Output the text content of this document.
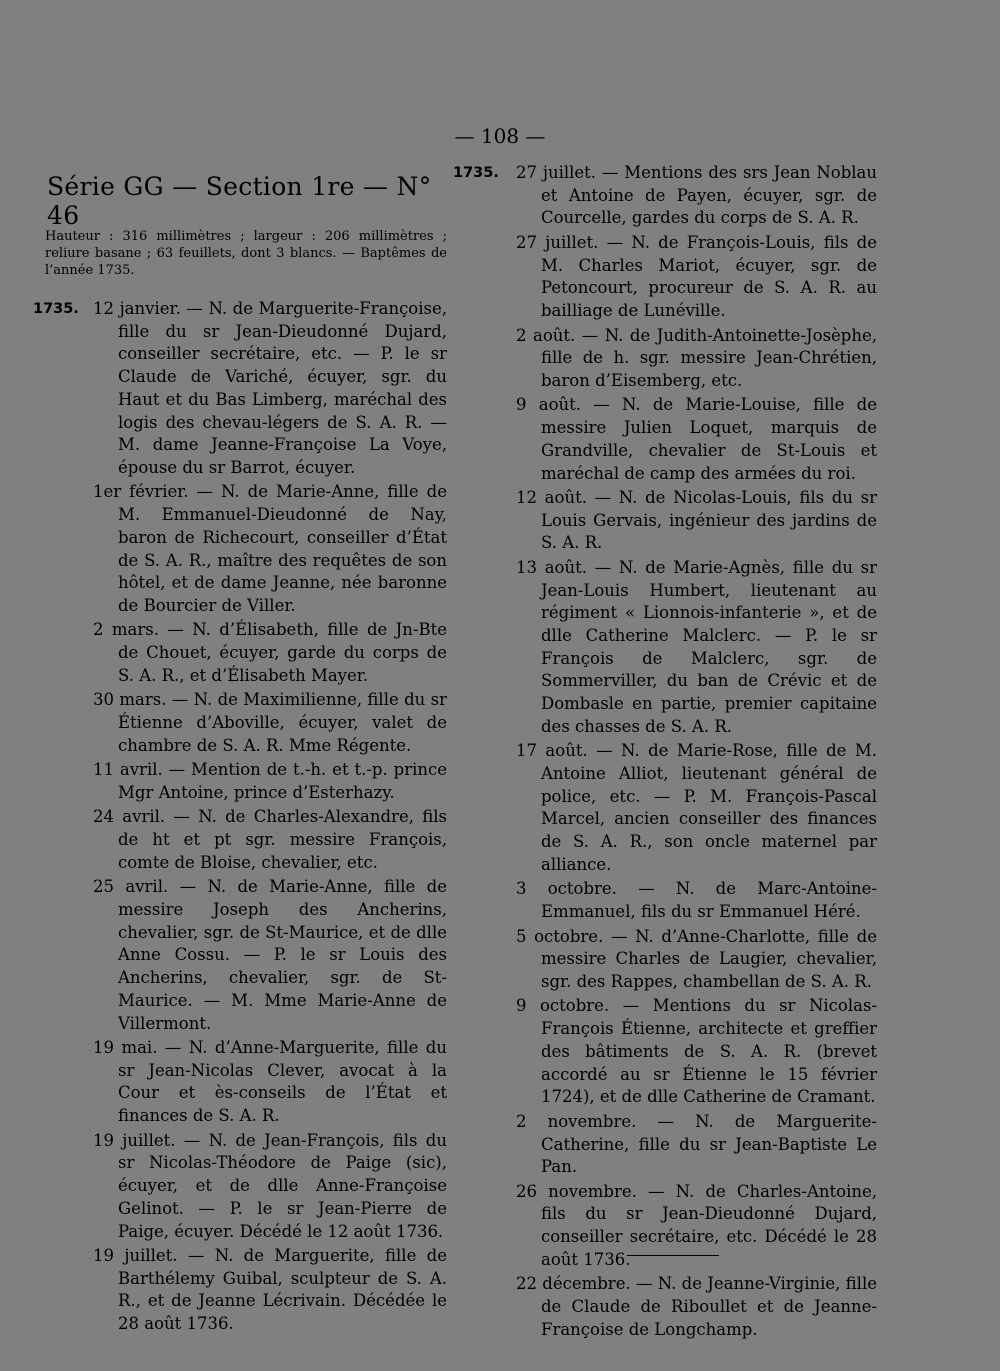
— 108 —
Série GG — Section 1re — N° 46
Hauteur : 316 millimètres ; largeur : 206 millimètres ; reliure basane ; 63 feuillets, dont 3 blancs. — Baptêmes de l’année 1735.
1735. 12 janvier. — N. de Marguerite-Françoise, fille du sr Jean-Dieudonné Dujard, conseiller secrétaire, etc. — P. le sr Claude de Variché, écuyer, sgr. du Haut et du Bas Limberg, maréchal des logis des chevau-légers de S. A. R. — M. dame Jeanne-Françoise La Voye, épouse du sr Barrot, écuyer.
1er février. — N. de Marie-Anne, fille de M. Emmanuel-Dieudonné de Nay, baron de Richecourt, conseiller d’État de S. A. R., maître des requêtes de son hôtel, et de dame Jeanne, née baronne de Bourcier de Viller.
2 mars. — N. d’Élisabeth, fille de Jn-Bte de Chouet, écuyer, garde du corps de S. A. R., et d’Élisabeth Mayer.
30 mars. — N. de Maximilienne, fille du sr Étienne d’Aboville, écuyer, valet de chambre de S. A. R. Mme Régente.
11 avril. — Mention de t.-h. et t.-p. prince Mgr Antoine, prince d’Esterhazy.
24 avril. — N. de Charles-Alexandre, fils de ht et pt sgr. messire François, comte de Bloise, chevalier, etc.
25 avril. — N. de Marie-Anne, fille de messire Joseph des Ancherins, chevalier, sgr. de St-Maurice, et de dlle Anne Cossu. — P. le sr Louis des Ancherins, chevalier, sgr. de St-Maurice. — M. Mme Marie-Anne de Villermont.
19 mai. — N. d’Anne-Marguerite, fille du sr Jean-Nicolas Clever, avocat à la Cour et ès-conseils de l’État et finances de S. A. R.
19 juillet. — N. de Jean-François, fils du sr Nicolas-Théodore de Paige (sic), écuyer, et de dlle Anne-Françoise Gelinot. — P. le sr Jean-Pierre de Paige, écuyer. Décédé le 12 août 1736.
19 juillet. — N. de Marguerite, fille de Barthélemy Guibal, sculpteur de S. A. R., et de Jeanne Lécrivain. Décédée le 28 août 1736.
1735. 27 juillet. — Mentions des srs Jean Noblau et Antoine de Payen, écuyer, sgr. de Courcelle, gardes du corps de S. A. R.
27 juillet. — N. de François-Louis, fils de M. Charles Mariot, écuyer, sgr. de Petoncourt, procureur de S. A. R. au bailliage de Lunéville.
2 août. — N. de Judith-Antoinette-Josèphe, fille de h. sgr. messire Jean-Chrétien, baron d’Eisemberg, etc.
9 août. — N. de Marie-Louise, fille de messire Julien Loquet, marquis de Grandville, chevalier de St-Louis et maréchal de camp des armées du roi.
12 août. — N. de Nicolas-Louis, fils du sr Louis Gervais, ingénieur des jardins de S. A. R.
13 août. — N. de Marie-Agnès, fille du sr Jean-Louis Humbert, lieutenant au régiment « Lionnois-infanterie », et de dlle Catherine Malclerc. — P. le sr François de Malclerc, sgr. de Sommerviller, du ban de Crévic et de Dombasle en partie, premier capitaine des chasses de S. A. R.
17 août. — N. de Marie-Rose, fille de M. Antoine Alliot, lieutenant général de police, etc. — P. M. François-Pascal Marcel, ancien conseiller des finances de S. A. R., son oncle maternel par alliance.
3 octobre. — N. de Marc-Antoine-Emmanuel, fils du sr Emmanuel Héré.
5 octobre. — N. d’Anne-Charlotte, fille de messire Charles de Laugier, chevalier, sgr. des Rappes, chambellan de S. A. R.
9 octobre. — Mentions du sr Nicolas-François Étienne, architecte et greffier des bâtiments de S. A. R. (brevet accordé au sr Étienne le 15 février 1724), et de dlle Catherine de Cramant.
2 novembre. — N. de Marguerite-Catherine, fille du sr Jean-Baptiste Le Pan.
26 novembre. — N. de Charles-Antoine, fils du sr Jean-Dieudonné Dujard, conseiller secrétaire, etc. Décédé le 28 août 1736.
22 décembre. — N. de Jeanne-Virginie, fille de Claude de Riboullet et de Jeanne-Françoise de Longchamp.
